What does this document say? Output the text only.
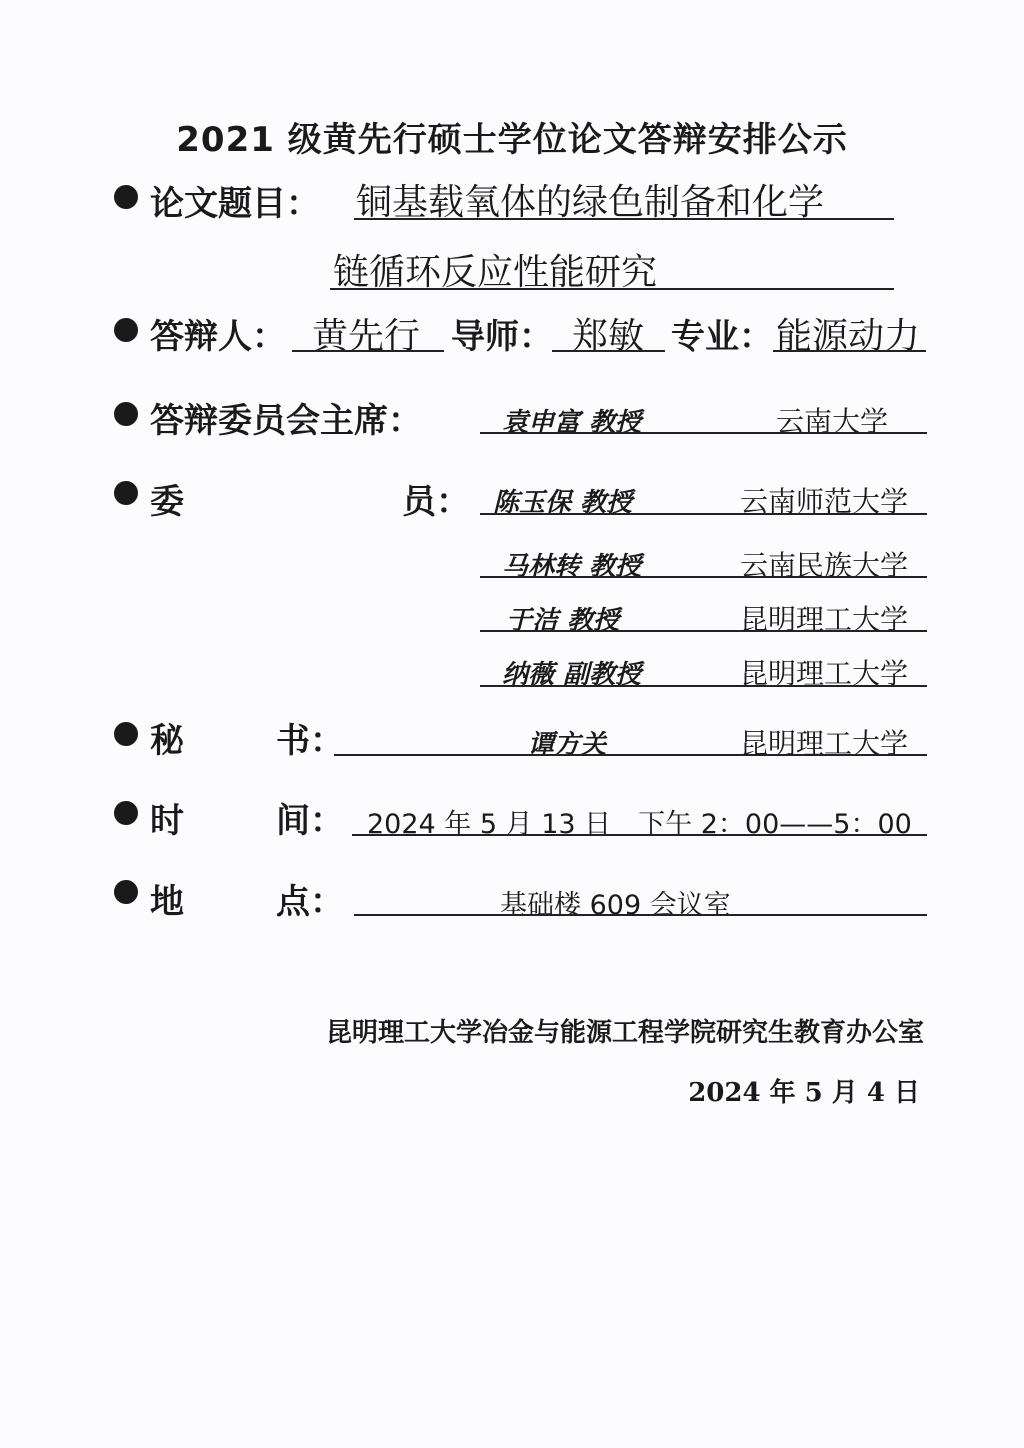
2021 级黄先行硕士学位论文答辩安排公示
论文题目： 铜基载氧体的绿色制备和化学
链循环反应性能研究
答辩人： 黄先行 导师： 郑敏 专业： 能源动力
答辩委员会主席：	袁申富 教授	云南大学
委	员： 陈玉保 教授	云南师范大学
马林转 教授	云南民族大学
于洁 教授	昆明理工大学
纳薇 副教授	昆明理工大学
秘	书：	谭方关	昆明理工大学
时	间： 2024 年 5 月 13 日　下午 2：00——5：00
地	点：	基础楼 609 会议室
昆明理工大学冶金与能源工程学院研究生教育办公室
2024 年 5 月 4 日
